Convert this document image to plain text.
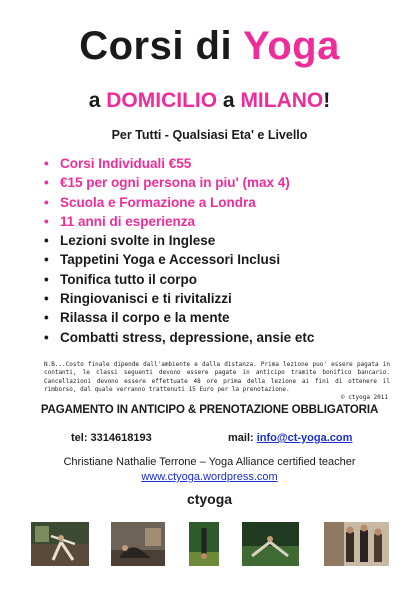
Corsi di Yoga
a DOMICILIO a MILANO!
Per Tutti - Qualsiasi Eta' e Livello
• Corsi Individuali €55
• €15 per ogni persona in piu' (max 4)
• Scuola e Formazione a Londra
• 11 anni di esperienza
• Lezioni svolte in Inglese
• Tappetini Yoga e Accessori Inclusi
• Tonifica tutto il corpo
• Ringiovanisci e ti rivitalizzi
• Rilassa il corpo e la mente
• Combatti stress, depressione, ansie etc
N.B...Costo finale dipende dall'ambiente e dalla distanza. Prima lezione puo' essere pagata in contanti, le classi seguenti devono essere pagate in anticipo tramite bonifico bancario. Cancellazioni devono essere effettuate 48 ore prima della lezione ai fini di ottenere il rimborso, dal quale verranno trattenuti 15 Euro per la prenotazione.
© ctyoga 2011
PAGAMENTO IN ANTICIPO & PRENOTAZIONE OBBLIGATORIA
tel: 3314618193	mail: info@ct-yoga.com
Christiane Nathalie Terrone – Yoga Alliance certified teacher
www.ctyoga.wordpress.com
ctyoga
